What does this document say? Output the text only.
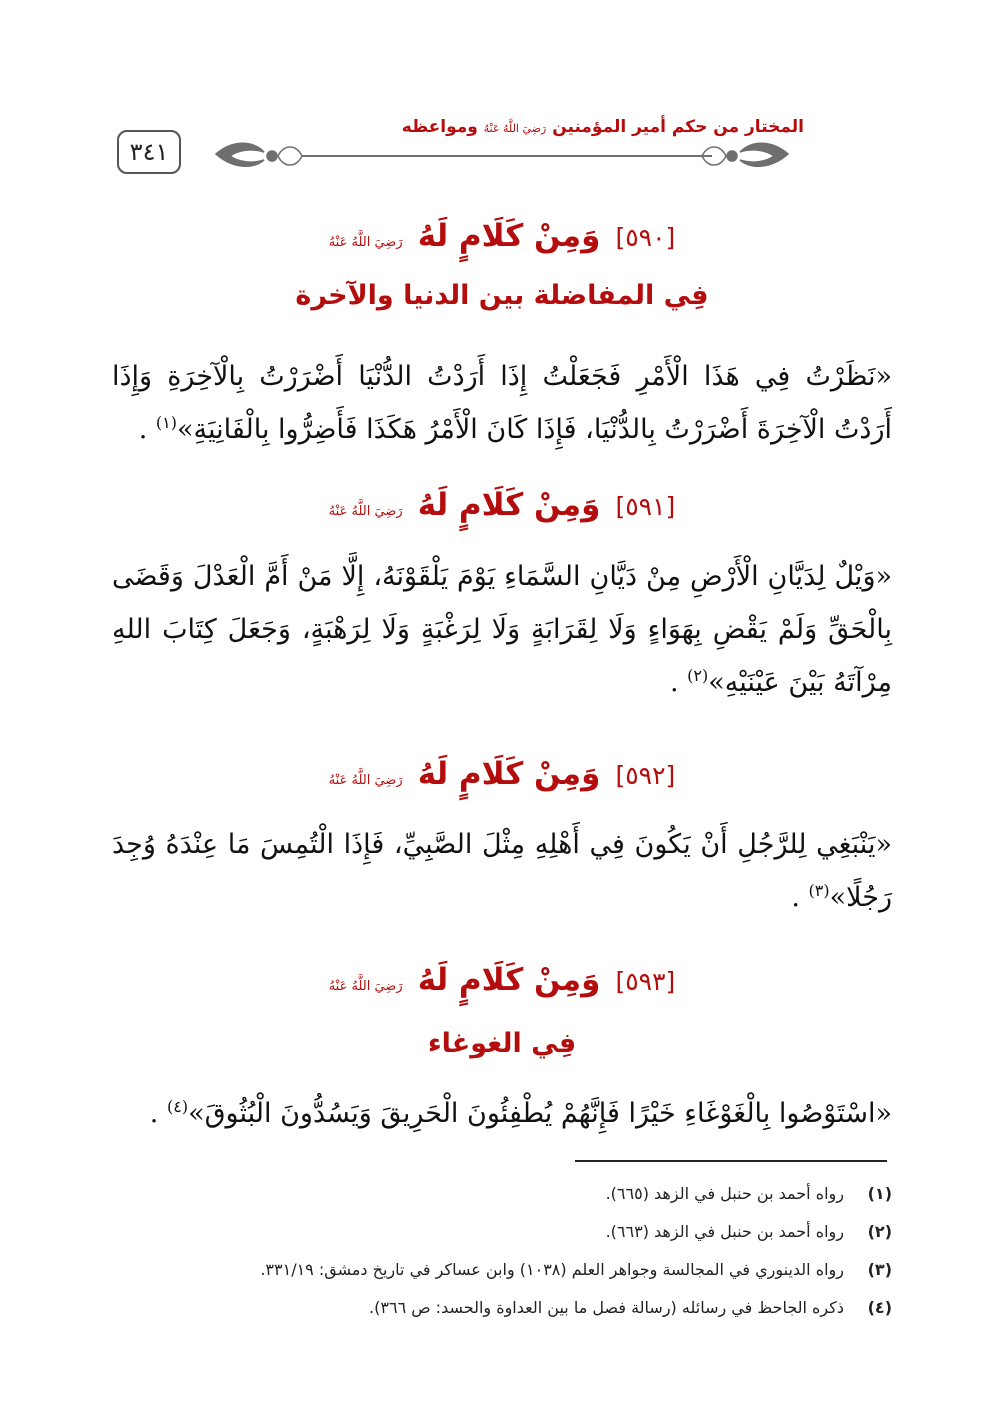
٣٤١
المختار من حكم أمير المؤمنين رَضِيَ اللَّهُ عَنْهُ ومواعظه
[٥٩٠] وَمِنْ كَلَامٍ لَهُ رَضِيَ اللَّهُ عَنْهُ
فِي المفاضلة بين الدنيا والآخرة
«نَظَرْتُ فِي هَذَا الْأَمْرِ فَجَعَلْتُ إِذَا أَرَدْتُ الدُّنْيَا أَضْرَرْتُ بِالْآخِرَةِ وَإِذَا أَرَدْتُ الْآخِرَةَ أَضْرَرْتُ بِالدُّنْيَا، فَإِذَا كَانَ الْأَمْرُ هَكَذَا فَأَضِرُّوا بِالْفَانِيَةِ»$^{(١)}$ .
[٥٩١] وَمِنْ كَلَامٍ لَهُ رَضِيَ اللَّهُ عَنْهُ
«وَيْلٌ لِدَيَّانِ الْأَرْضِ مِنْ دَيَّانِ السَّمَاءِ يَوْمَ يَلْقَوْنَهُ، إِلَّا مَنْ أَمَّ الْعَدْلَ وَقَضَى بِالْحَقِّ وَلَمْ يَقْضِ بِهَوَاءٍ وَلَا لِقَرَابَةٍ وَلَا لِرَغْبَةٍ وَلَا لِرَهْبَةٍ، وَجَعَلَ كِتَابَ اللهِ مِرْآتَهُ بَيْنَ عَيْنَيْهِ»$^{(٢)}$ .
[٥٩٢] وَمِنْ كَلَامٍ لَهُ رَضِيَ اللَّهُ عَنْهُ
«يَنْبَغِي لِلرَّجُلِ أَنْ يَكُونَ فِي أَهْلِهِ مِثْلَ الصَّبِيِّ، فَإِذَا الْتُمِسَ مَا عِنْدَهُ وُجِدَ رَجُلًا»$^{(٣)}$ .
[٥٩٣] وَمِنْ كَلَامٍ لَهُ رَضِيَ اللَّهُ عَنْهُ
فِي الغوغاء
«اسْتَوْصُوا بِالْغَوْغَاءِ خَيْرًا فَإِنَّهُمْ يُطْفِئُونَ الْحَرِيقَ وَيَسُدُّونَ الْبُثُوقَ»$^{(٤)}$ .
(١)
رواه أحمد بن حنبل في الزهد (٦٦٥).
(٢)
رواه أحمد بن حنبل في الزهد (٦٦٣).
(٣)
رواه الدينوري في المجالسة وجواهر العلم (١٠٣٨) وابن عساكر في تاريخ دمشق: ٣٣١/١٩.
(٤)
ذكره الجاحظ في رسائله (رسالة فصل ما بين العداوة والحسد: ص ٣٦٦).
